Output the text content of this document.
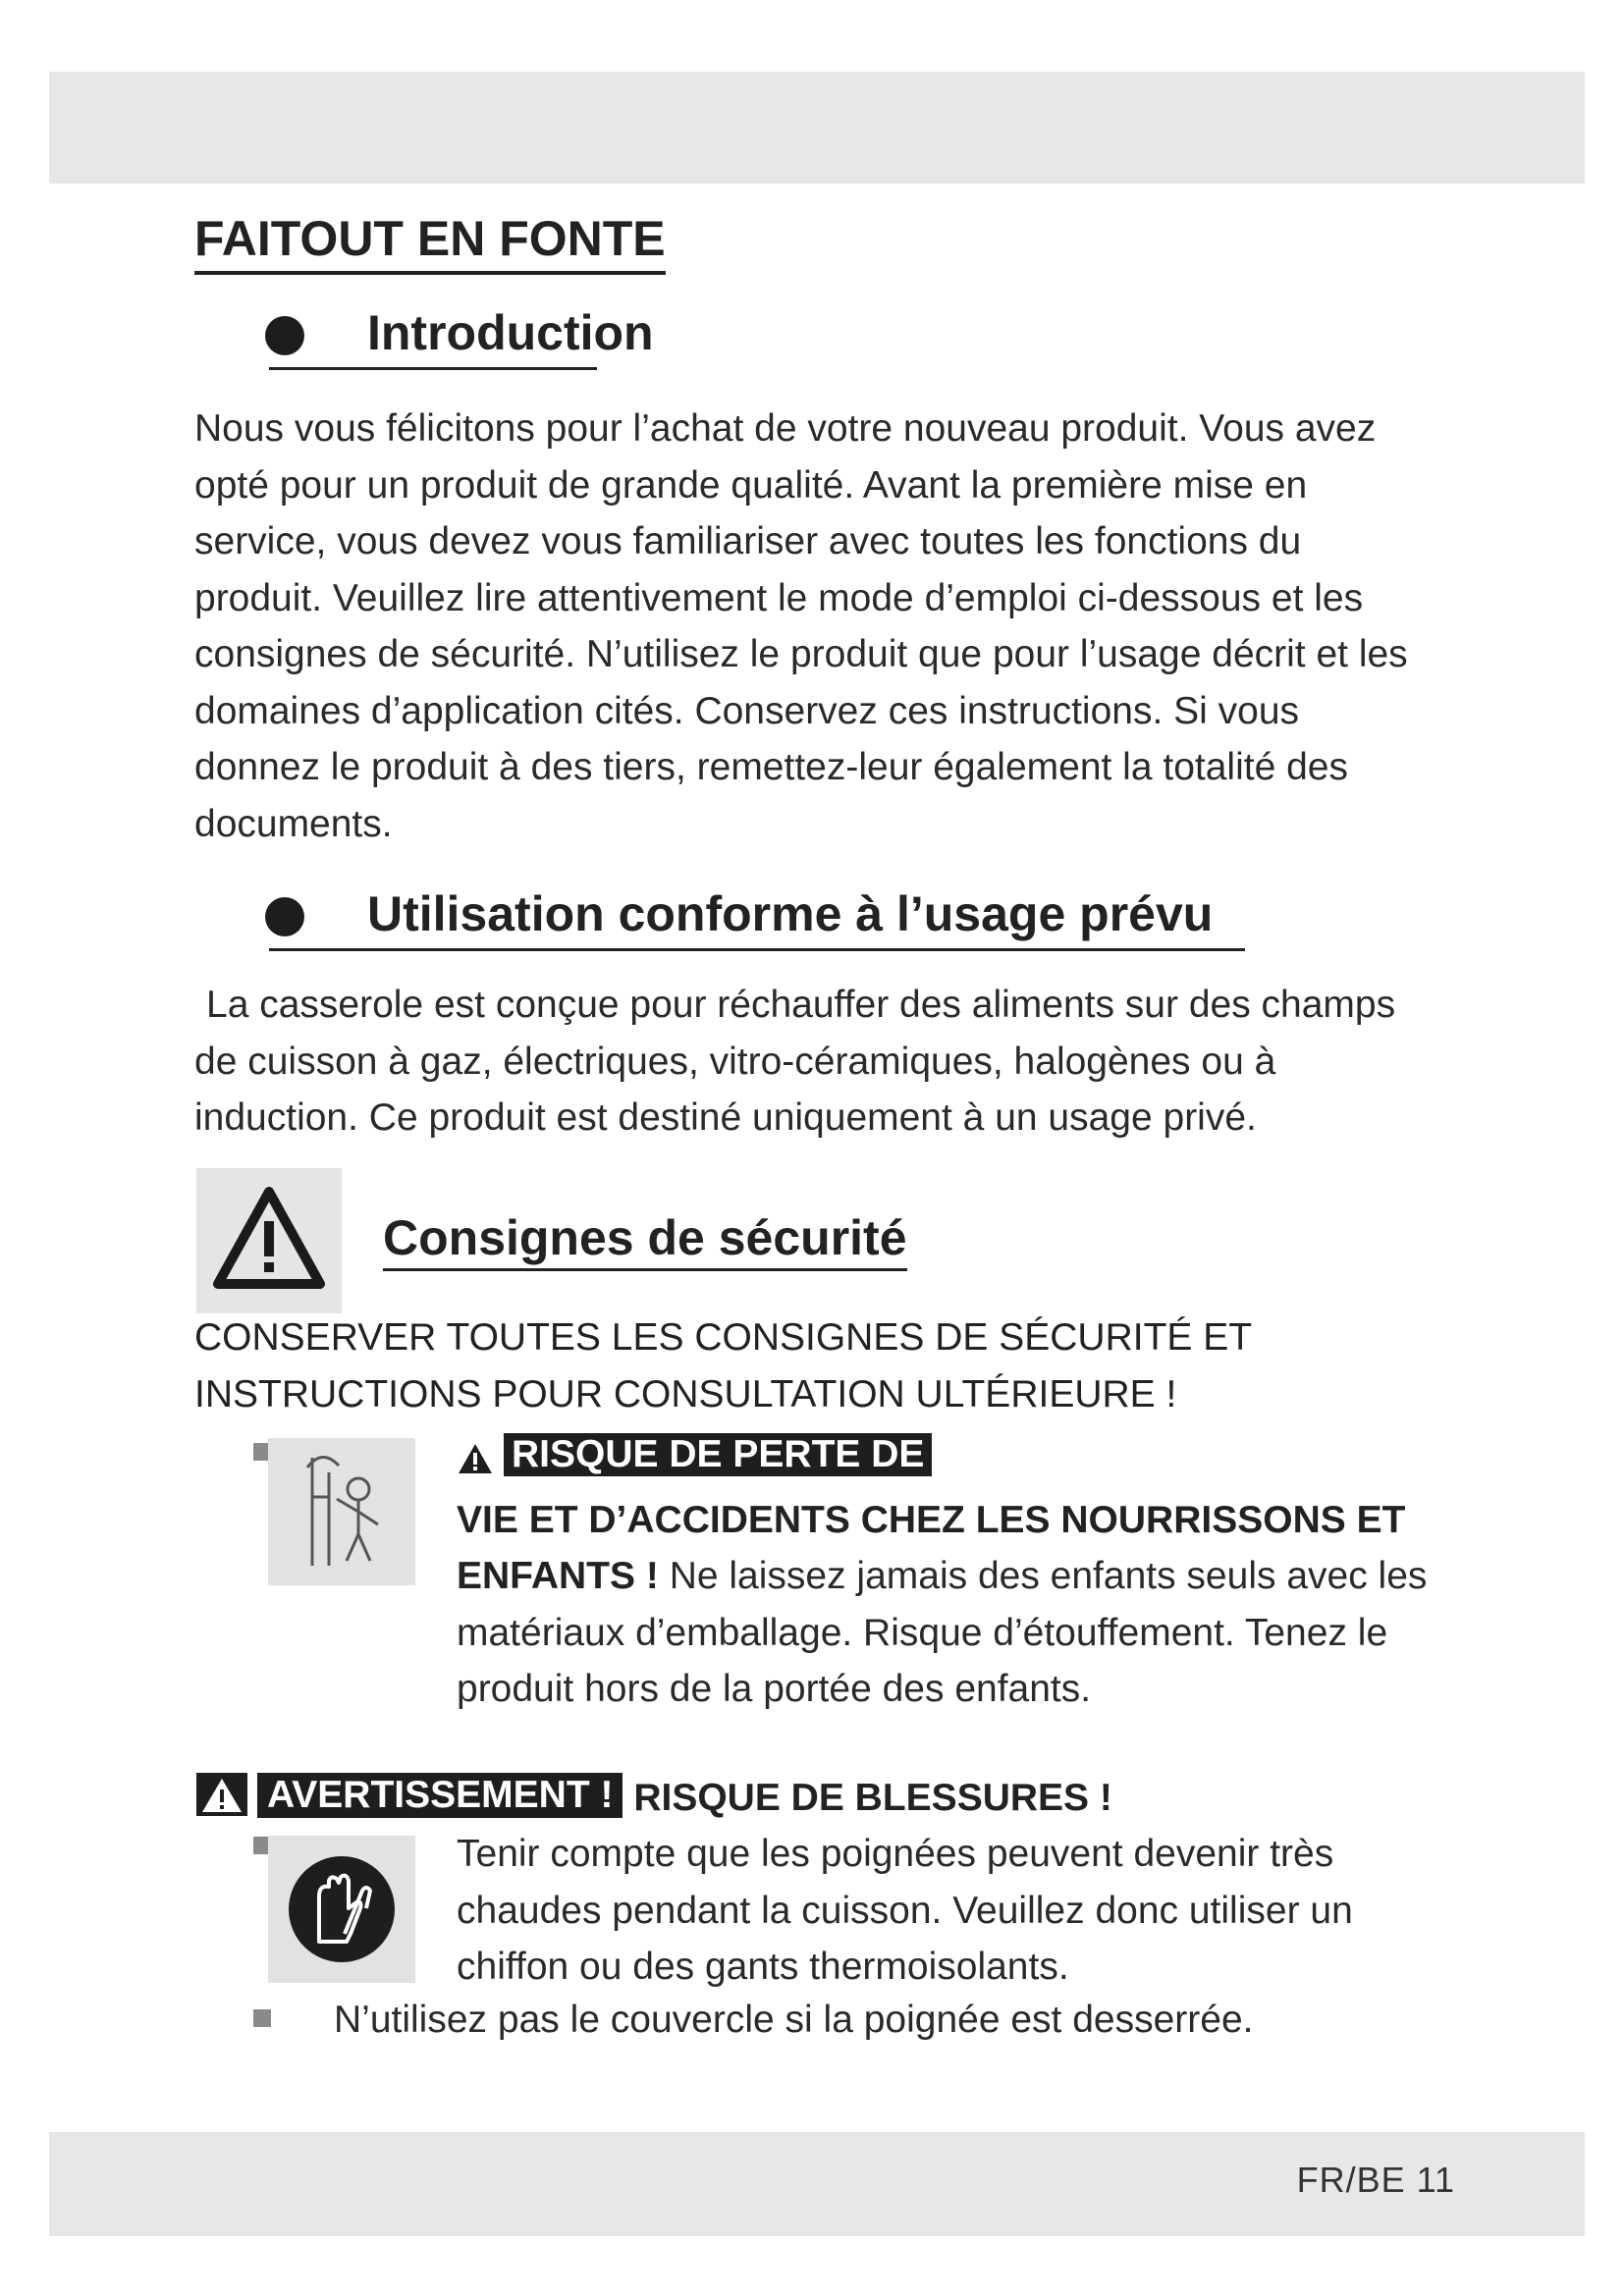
FAITOUT EN FONTE
Introduction
Nous vous félicitons pour l’achat de votre nouveau produit. Vous avez opté pour un produit de grande qualité. Avant la première mise en service, vous devez vous familiariser avec toutes les fonctions du produit. Veuillez lire attentivement le mode d’emploi ci-dessous et les consignes de sécurité. N’utilisez le produit que pour l’usage décrit et les domaines d’application cités. Conservez ces instructions. Si vous donnez le produit à des tiers, remettez-leur également la totalité des documents.
Utilisation conforme à l’usage prévu
La casserole est conçue pour réchauffer des aliments sur des champs de cuisson à gaz, électriques, vitro-céramiques, halogènes ou à induction. Ce produit est destiné uniquement à un usage privé.
Consignes de sécurité
CONSERVER TOUTES LES CONSIGNES DE SÉCURITÉ ET INSTRUCTIONS POUR CONSULTATION ULTÉRIEURE !
RISQUE DE PERTE DE
VIE ET D’ACCIDENTS CHEZ LES NOURRISSONS ET ENFANTS ! Ne laissez jamais des enfants seuls avec les matériaux d’emballage. Risque d’étouffement. Tenez le produit hors de la portée des enfants.
AVERTISSEMENT ! RISQUE DE BLESSURES !
Tenir compte que les poignées peuvent devenir très chaudes pendant la cuisson. Veuillez donc utiliser un chiffon ou des gants thermoisolants.
N’utilisez pas le couvercle si la poignée est desserrée.
FR/BE 11
